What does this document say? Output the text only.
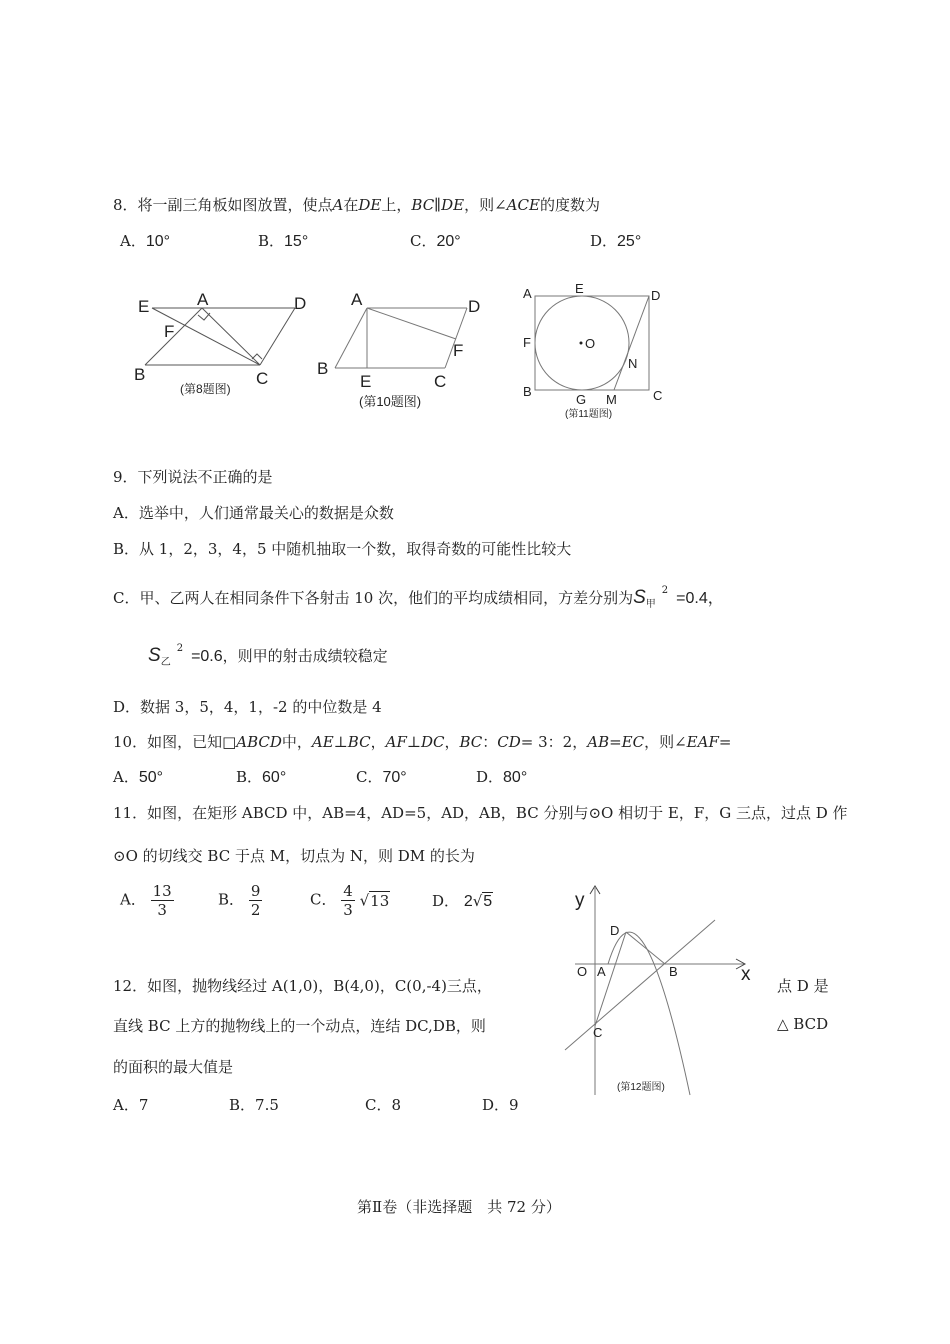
8．将一副三角板如图放置，使点A在DE上，BC∥DE，则∠ACE的度数为
A．10°	B．15°	C．20°	D．25°
E	A	D
F
B	C
(第8题图)
A	D
F
B
E	C
(第10题图)
A	E	D
F	O
N
B
G M	C
(第11题图)
9．下列说法不正确的是
A．选举中，人们通常最关心的数据是众数
B．从 1，2，3，4，5 中随机抽取一个数，取得奇数的可能性比较大
C．甲、乙两人在相同条件下各射击 10 次，他们的平均成绩相同，方差分别为$S_甲^2 =0.4$，
$S_乙^2 =0.6$，则甲的射击成绩较稳定
D．数据 3，5，4，1，-2 的中位数是 4
10．如图，已知□ABCD中，AE⊥BC，AF⊥DC，BC：CD= 3：2，AB=EC，则∠EAF=
A．50°	B．60°	C．70°	D．80°
11．如图，在矩形 ABCD 中，AB=4，AD=5，AD，AB，BC 分别与⊙O 相切于 E，F，G 三点，过点 D 作
⊙O 的切线交 BC 于点 M，切点为 N，则 DM 的长为
A． $\frac{13}{3}$	B． $\frac{9}{2}$	C． $\frac{4}{3} √13$	D． 2√5	y
D
O A	B	x
C
(第12题图)
12．如图，抛物线经过 A(1,0)，B(4,0)，C(0,-4)三点，	点 D 是
直线 BC 上方的抛物线上的一个动点，连结 DC,DB，则	△ BCD
的面积的最大值是
A．7	B．7.5	C．8	D．9
第Ⅱ卷（非选择题　共 72 分）
